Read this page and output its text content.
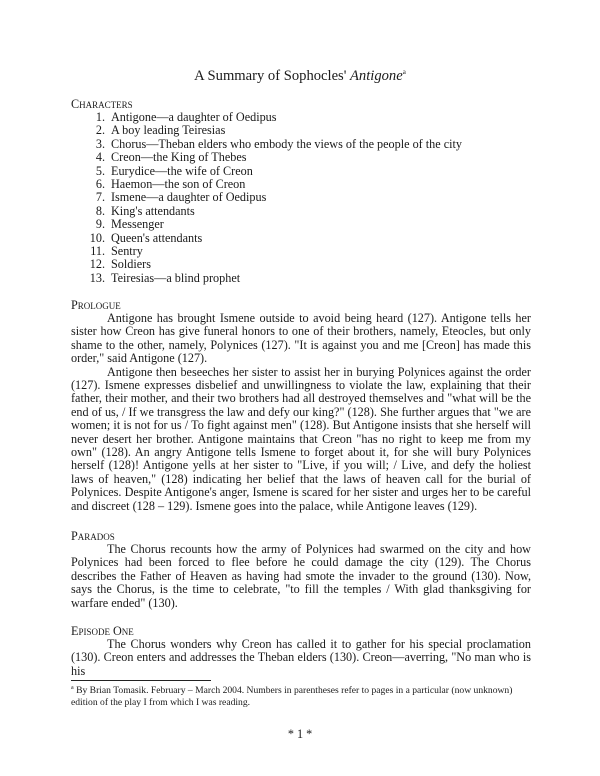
A Summary of Sophocles' Antigone$^a$
Characters
1. Antigone—a daughter of Oedipus
2. A boy leading Teiresias
3. Chorus—Theban elders who embody the views of the people of the city
4. Creon—the King of Thebes
5. Eurydice—the wife of Creon
6. Haemon—the son of Creon
7. Ismene—a daughter of Oedipus
8. King's attendants
9. Messenger
10. Queen's attendants
11. Sentry
12. Soldiers
13. Teiresias—a blind prophet
Prologue

Antigone has brought Ismene outside to avoid being heard (127). Antigone tells her sister how Creon has give funeral honors to one of their brothers, namely, Eteocles, but only shame to the other, namely, Polynices (127). "It is against you and me [Creon] has made this order," said Antigone (127).

Antigone then beseeches her sister to assist her in burying Polynices against the order (127). Ismene expresses disbelief and unwillingness to violate the law, explaining that their father, their mother, and their two brothers had all destroyed themselves and "what will be the end of us, / If we transgress the law and defy our king?" (128). She further argues that "we are women; it is not for us / To fight against men" (128). But Antigone insists that she herself will never desert her brother. Antigone maintains that Creon "has no right to keep me from my own" (128). An angry Antigone tells Ismene to forget about it, for she will bury Polynices herself (128)! Antigone yells at her sister to "Live, if you will; / Live, and defy the holiest laws of heaven," (128) indicating her belief that the laws of heaven call for the burial of Polynices. Despite Antigone's anger, Ismene is scared for her sister and urges her to be careful and discreet (128 – 129). Ismene goes into the palace, while Antigone leaves (129).

Parados

The Chorus recounts how the army of Polynices had swarmed on the city and how Polynices had been forced to flee before he could damage the city (129). The Chorus describes the Father of Heaven as having had smote the invader to the ground (130). Now, says the Chorus, is the time to celebrate, "to fill the temples / With glad thanksgiving for warfare ended" (130).

Episode One

The Chorus wonders why Creon has called it to gather for his special proclamation (130). Creon enters and addresses the Theban elders (130). Creon—averring, "No man who is his

$^a$ By Brian Tomasik. February – March 2004. Numbers in parentheses refer to pages in a particular (now unknown) edition of the play I from which I was reading.
* 1 *
